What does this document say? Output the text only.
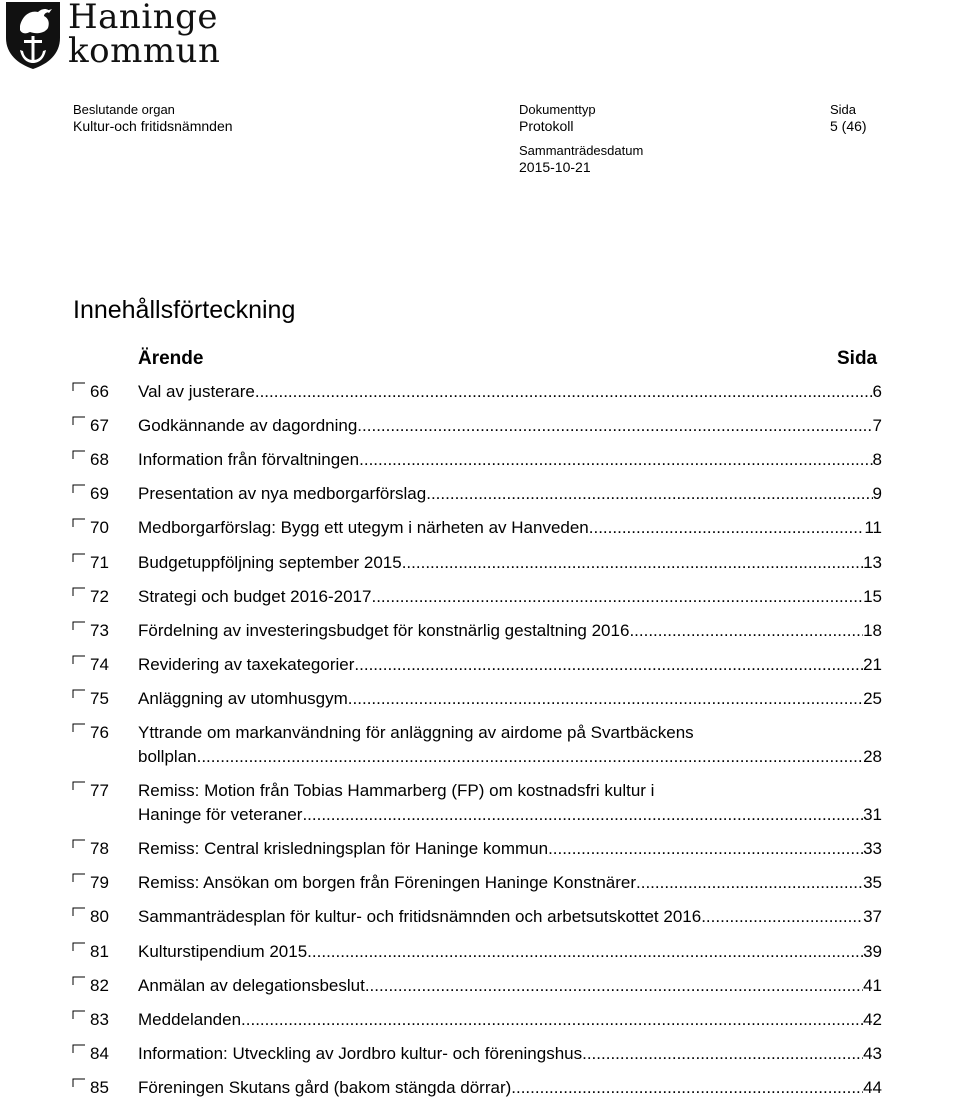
Haninge
kommun
Beslutande organ
Kultur-och fritidsnämnden
Dokumenttyp
Protokoll
Sida
5 (46)
Sammanträdesdatum
2015-10-21
Innehållsförteckning
Ärende	Sida
66 Val av justerare .....	6
67 Godkännande av dagordning .....	7
68 Information från förvaltningen .....	8
69 Presentation av nya medborgarförslag .....	9
70 Medborgarförslag: Bygg ett utegym i närheten av Hanveden .....	11
71 Budgetuppföljning september 2015 .....	13
72 Strategi och budget 2016-2017 .....	15
73 Fördelning av investeringsbudget för konstnärlig gestaltning 2016 .....	18
74 Revidering av taxekategorier .....	21
75 Anläggning av utomhusgym .....	25
76 Yttrande om markanvändning för anläggning av airdome på Svartbäckens
bollplan .....	28
77 Remiss: Motion från Tobias Hammarberg (FP) om kostnadsfri kultur i
Haninge för veteraner .....	31
78 Remiss: Central krisledningsplan för Haninge kommun .....	33
79 Remiss: Ansökan om borgen från Föreningen Haninge Konstnärer .....	35
80 Sammanträdesplan för kultur- och fritidsnämnden och arbetsutskottet 2016 .....	37
81 Kulturstipendium 2015 .....	39
82 Anmälan av delegationsbeslut .....	41
83 Meddelanden .....	42
84 Information: Utveckling av Jordbro kultur- och föreningshus .....	43
85 Föreningen Skutans gård (bakom stängda dörrar) .....	44
